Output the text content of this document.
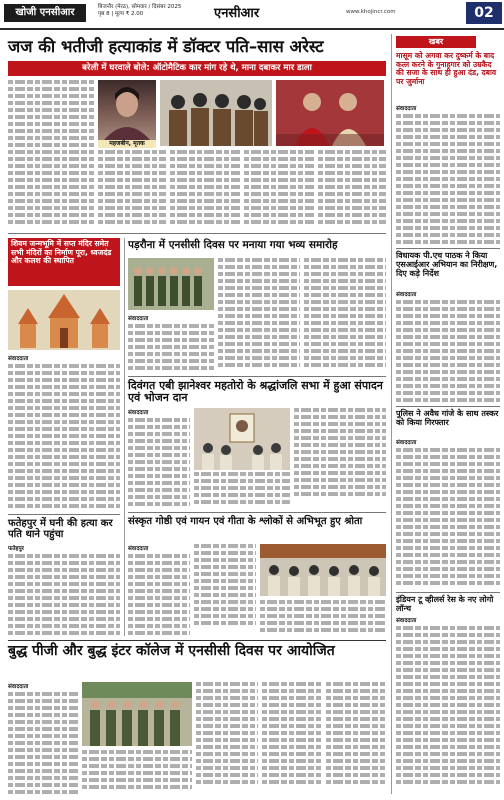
खोजी एनसीआर	बिजनौर (मेरठ), सोमवार / दिसंबर 2025
पृष्ठ 8 | मूल्य ₹ 2.00	एनसीआर	www.khojincr.com	02
जज की भतीजी हत्याकांड में डॉक्टर पति–सास अरेस्ट
बरेली में घरवाले बोले: ऑटोमैटिक कार मांग रहे थे, माना दबाकर मार डाला
महजबीन, मृतक
खबर
मासूम को अगवा कर दुष्कर्म के बाद कत्ल करने के गुनाहगार को उम्रकैद की सजा के साथ ही हुआ दंड, दबाव पर जुर्माना
संवाददाता
विधायक पी.एच पाठक ने किया एसआईआर अभियान का निरीक्षण, दिए कड़े निर्देश
संवाददाता
पुलिस ने अवैध गांजे के साथ तस्कर को किया गिरफ्तार
संवाददाता
इंडियन टू व्हीलर्स रेस के नए लोगो लॉन्च
संवाददाता
शिवम जन्मभूमि में सप्त मंदिर समेत सभी मंदिरों का निर्माण पूरा, ध्वजदंड और कलश की स्थापित
संवाददाता
फतेहपुर में घनी की हत्या कर पति थाने पहुंचा
फतेहपुर
पड़रौना में एनसीसी दिवस पर मनाया गया भव्य समारोह
संवाददाता
दिवंगत एबी झानेश्वर महतोरो के श्रद्धांजलि सभा में हुआ संपादन एवं भोजन दान
संवाददाता
संस्कृत गोष्ठी एवं गायन एवं गीता के श्लोकों से अभिभूत हुए श्रोता
संवाददाता
बुद्ध पीजी और बुद्ध इंटर कॉलेज में एनसीसी दिवस पर आयोजित
संवाददाता
